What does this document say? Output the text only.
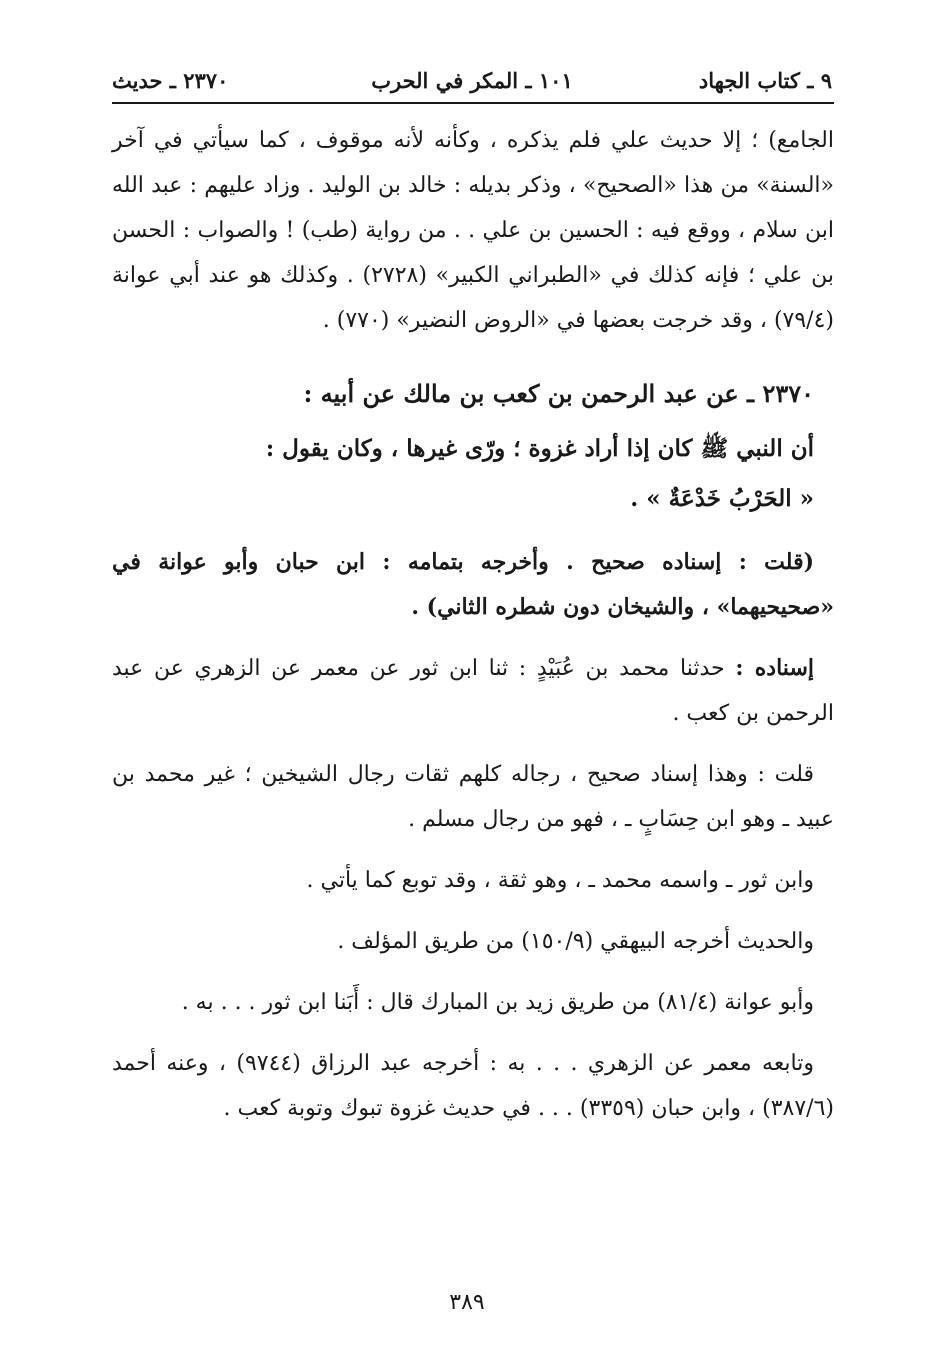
٩ ـ كتاب الجهاد
١٠١ ـ المكر في الحرب
٢٣٧٠ ـ حديث

الجامع) ؛ إلا حديث علي فلم يذكره ، وكأنه لأنه موقوف ، كما سيأتي في آخر «السنة» من هذا «الصحيح» ، وذكر بديله : خالد بن الوليد . وزاد عليهم : عبد الله ابن سلام ، ووقع فيه : الحسين بن علي . . من رواية (طب) ! والصواب : الحسن بن علي ؛ فإنه كذلك في «الطبراني الكبير» (٢٧٢٨) . وكذلك هو عند أبي عوانة (٧٩/٤) ، وقد خرجت بعضها في «الروض النضير» (٧٧٠) .

٢٣٧٠ ـ عن عبد الرحمن بن كعب بن مالك عن أبيه :

أن النبي ﷺ كان إذا أراد غزوة ؛ ورّى غيرها ، وكان يقول :

« الحَرْبُ خَدْعَةٌ » .

(قلت : إسناده صحيح . وأخرجه بتمامه : ابن حبان وأبو عوانة في «صحيحيهما» ، والشيخان دون شطره الثاني) .

إسناده : حدثنا محمد بن عُبَيْدٍ : ثنا ابن ثور عن معمر عن الزهري عن عبد الرحمن بن كعب .

قلت : وهذا إسناد صحيح ، رجاله كلهم ثقات رجال الشيخين ؛ غير محمد بن عبيد ـ وهو ابن حِسَابٍ ـ ، فهو من رجال مسلم .

وابن ثور ـ واسمه محمد ـ ، وهو ثقة ، وقد توبع كما يأتي .

والحديث أخرجه البيهقي (١٥٠/٩) من طريق المؤلف .

وأبو عوانة (٨١/٤) من طريق زيد بن المبارك قال : أَبَنا ابن ثور . . . به .

وتابعه معمر عن الزهري . . . به : أخرجه عبد الرزاق (٩٧٤٤) ، وعنه أحمد (٣٨٧/٦) ، وابن حبان (٣٣٥٩) . . . في حديث غزوة تبوك وتوبة كعب .

٣٨٩
